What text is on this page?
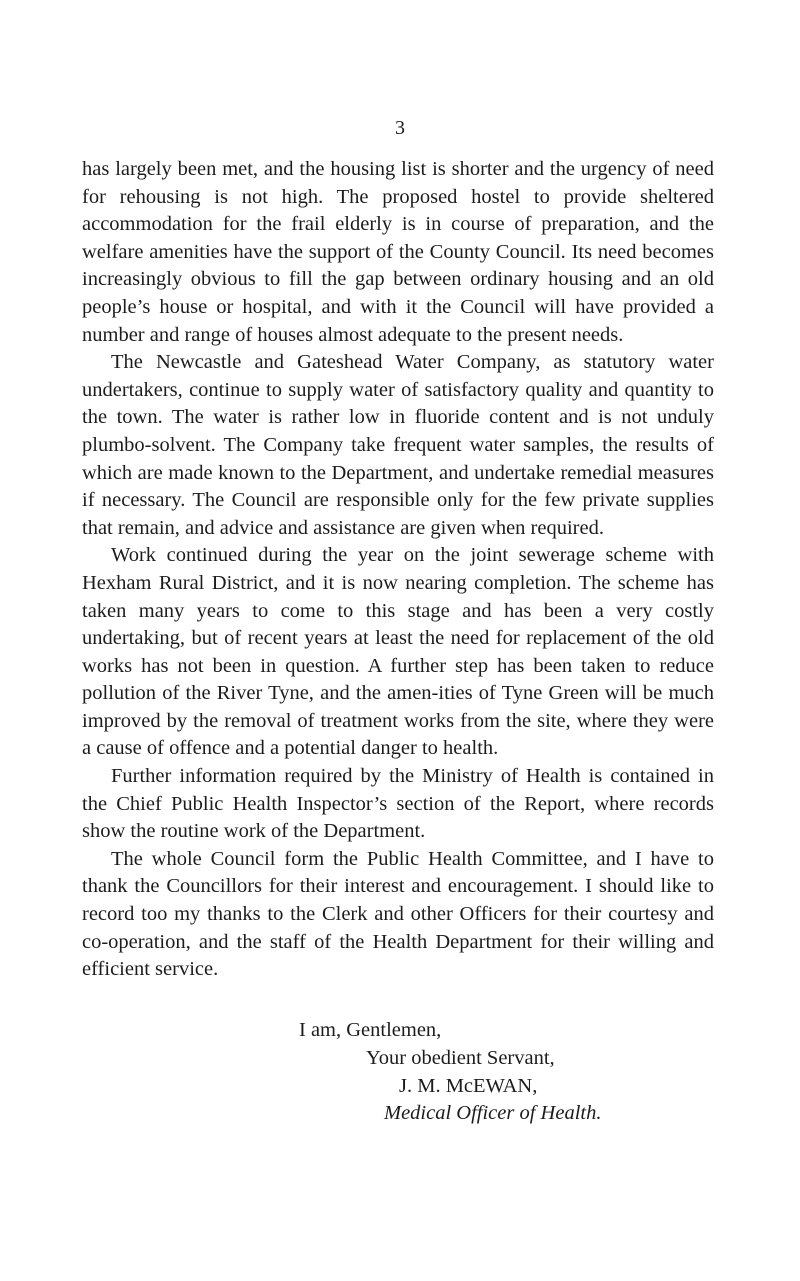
3

has largely been met, and the housing list is shorter and the urgency of need for rehousing is not high. The proposed hostel to provide sheltered accommodation for the frail elderly is in course of preparation, and the welfare amenities have the support of the County Council. Its need becomes increasingly obvious to fill the gap between ordinary housing and an old people’s house or hospital, and with it the Council will have provided a number and range of houses almost adequate to the present needs.

The Newcastle and Gateshead Water Company, as statutory water undertakers, continue to supply water of satisfactory quality and quantity to the town. The water is rather low in fluoride content and is not unduly plumbo-solvent. The Company take frequent water samples, the results of which are made known to the Department, and undertake remedial measures if necessary. The Council are responsible only for the few private supplies that remain, and advice and assistance are given when required.

Work continued during the year on the joint sewerage scheme with Hexham Rural District, and it is now nearing completion. The scheme has taken many years to come to this stage and has been a very costly undertaking, but of recent years at least the need for replacement of the old works has not been in question. A further step has been taken to reduce pollution of the River Tyne, and the amen-ities of Tyne Green will be much improved by the removal of treatment works from the site, where they were a cause of offence and a potential danger to health.

Further information required by the Ministry of Health is contained in the Chief Public Health Inspector’s section of the Report, where records show the routine work of the Department.

The whole Council form the Public Health Committee, and I have to thank the Councillors for their interest and encouragement. I should like to record too my thanks to the Clerk and other Officers for their courtesy and co-operation, and the staff of the Health Department for their willing and efficient service.

I am, Gentlemen,
Your obedient Servant,
J. M. McEWAN,
Medical Officer of Health.
